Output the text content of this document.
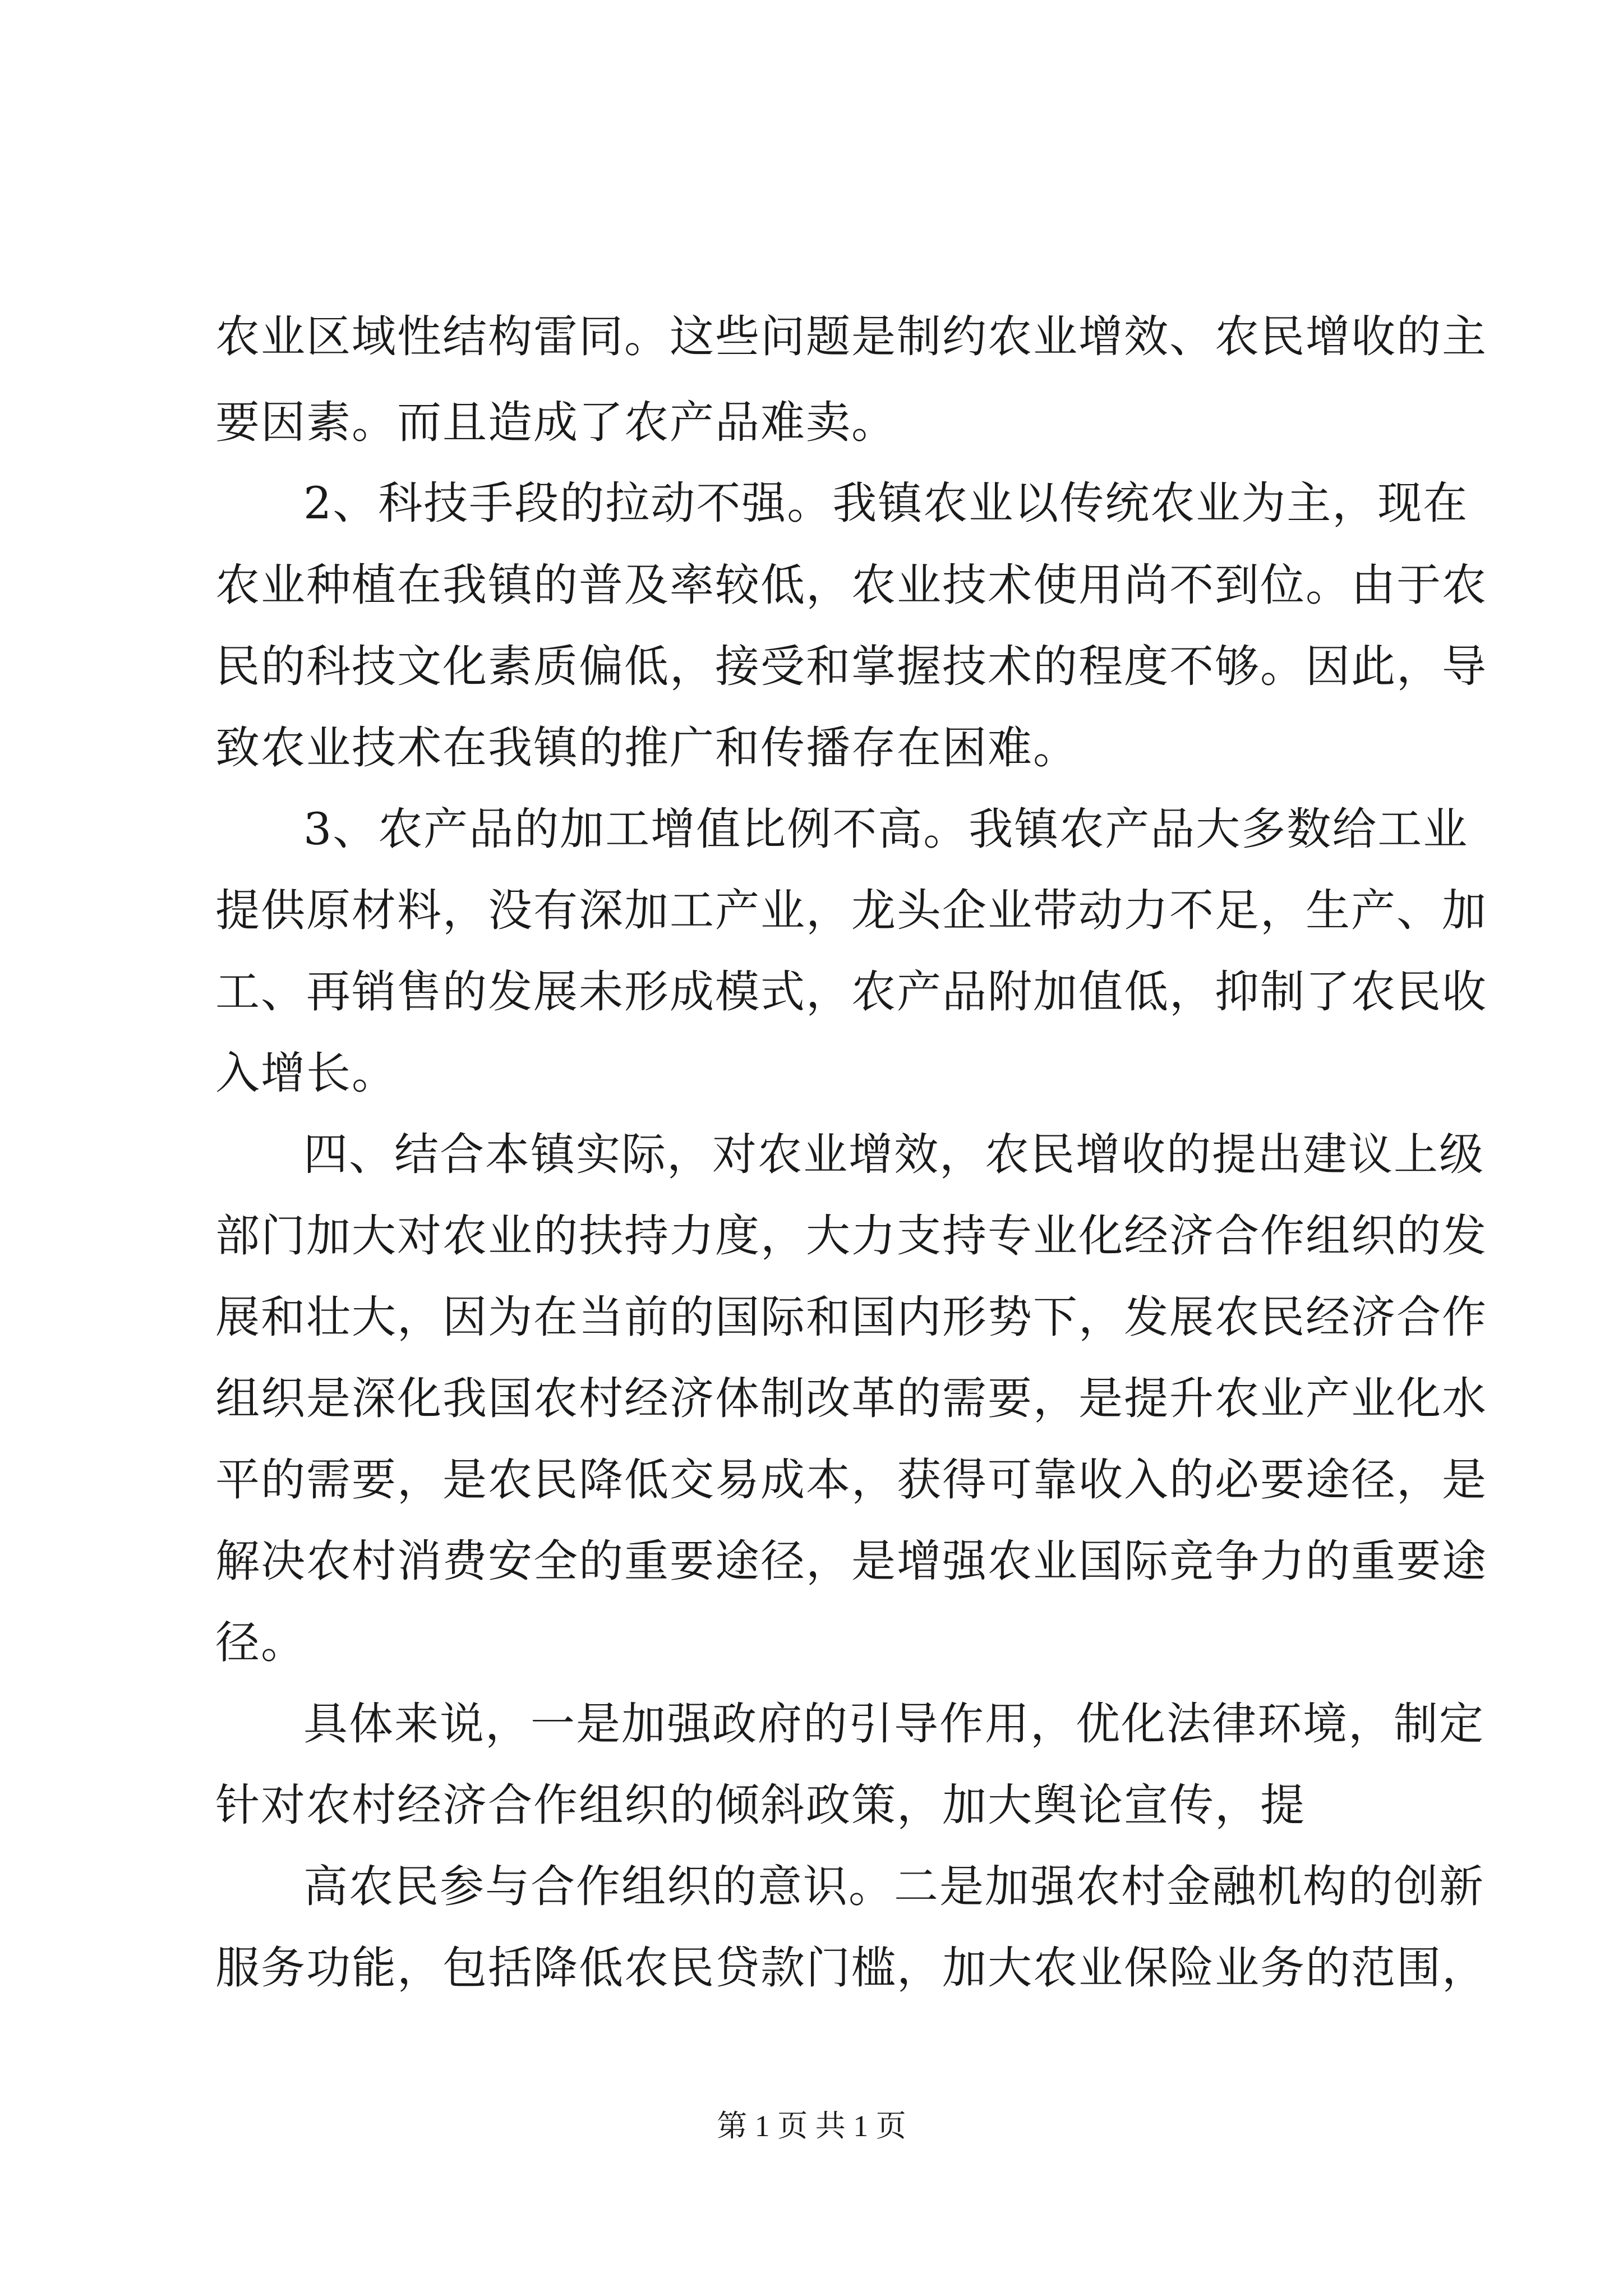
农业区域性结构雷同。这些问题是制约农业增效、农民增收的主
要因素。而且造成了农产品难卖。
2、科技手段的拉动不强。我镇农业以传统农业为主，现在
农业种植在我镇的普及率较低，农业技术使用尚不到位。由于农
民的科技文化素质偏低，接受和掌握技术的程度不够。因此，导
致农业技术在我镇的推广和传播存在困难。
3、农产品的加工增值比例不高。我镇农产品大多数给工业
提供原材料，没有深加工产业，龙头企业带动力不足，生产、加
工、再销售的发展未形成模式，农产品附加值低，抑制了农民收
入增长。
四、结合本镇实际，对农业增效，农民增收的提出建议上级
部门加大对农业的扶持力度，大力支持专业化经济合作组织的发
展和壮大，因为在当前的国际和国内形势下，发展农民经济合作
组织是深化我国农村经济体制改革的需要，是提升农业产业化水
平的需要，是农民降低交易成本，获得可靠收入的必要途径，是
解决农村消费安全的重要途径，是增强农业国际竞争力的重要途
径。
具体来说，一是加强政府的引导作用，优化法律环境，制定
针对农村经济合作组织的倾斜政策，加大舆论宣传，提
高农民参与合作组织的意识。二是加强农村金融机构的创新
服务功能，包括降低农民贷款门槛，加大农业保险业务的范围，
第 1 页 共 1 页
